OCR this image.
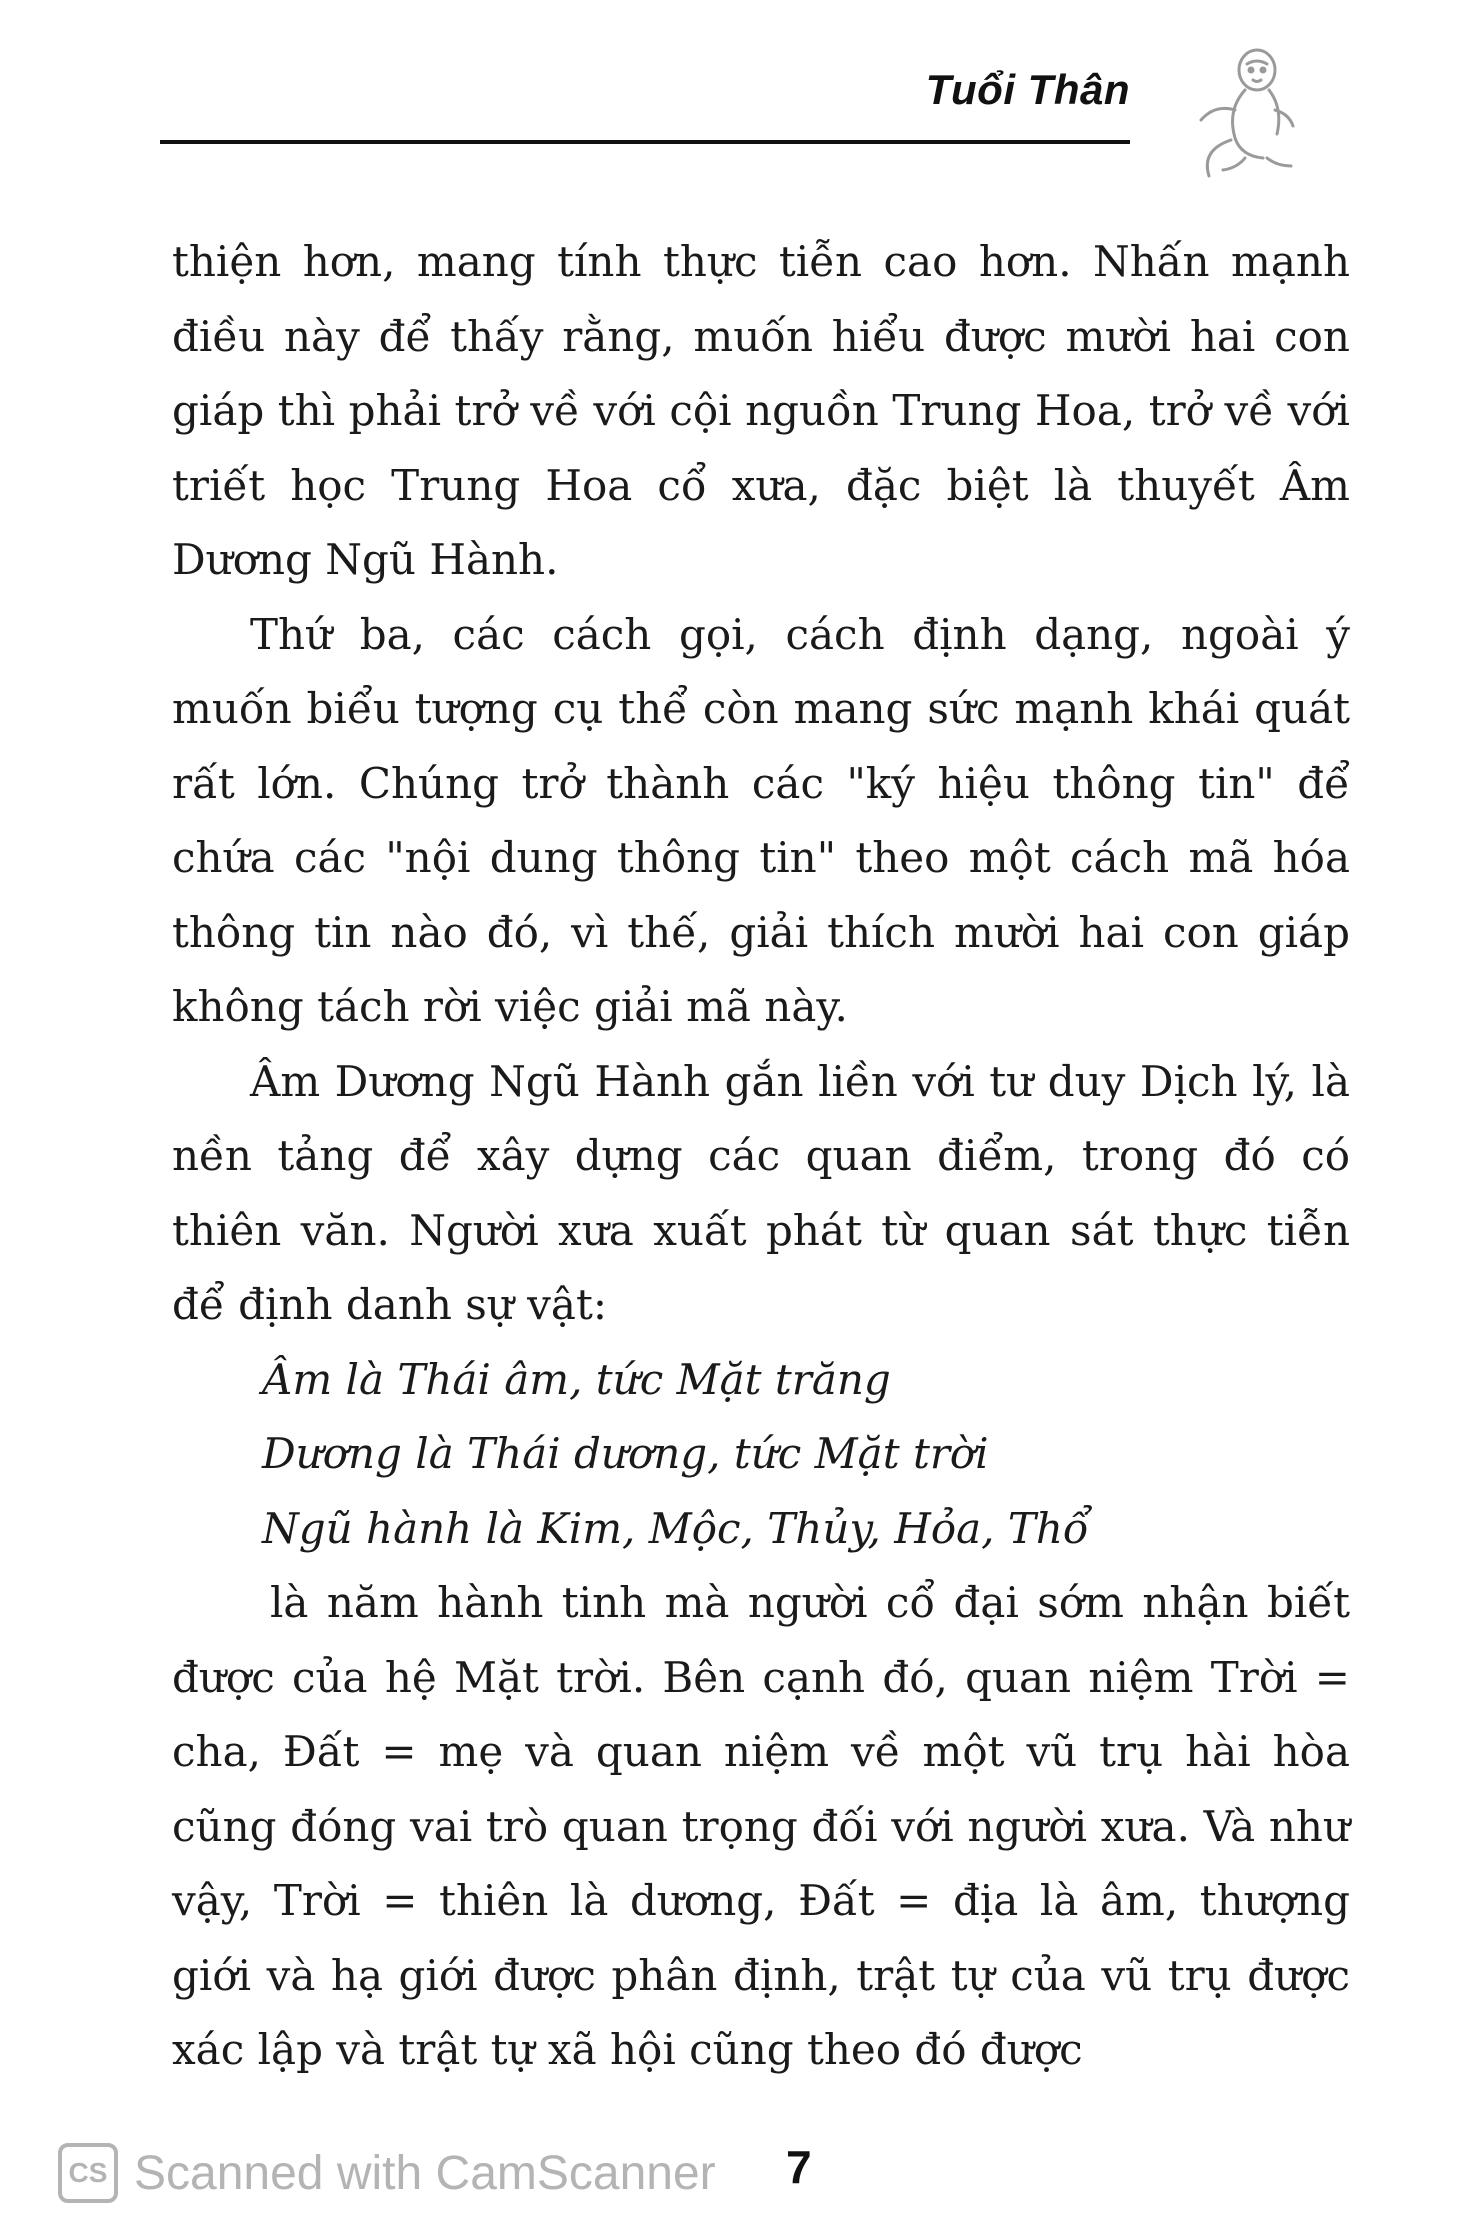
Tuổi Thân

thiện hơn, mang tính thực tiễn cao hơn. Nhấn mạnh điều này để thấy rằng, muốn hiểu được mười hai con giáp thì phải trở về với cội nguồn Trung Hoa, trở về với triết học Trung Hoa cổ xưa, đặc biệt là thuyết Âm Dương Ngũ Hành.

Thứ ba, các cách gọi, cách định dạng, ngoài ý muốn biểu tượng cụ thể còn mang sức mạnh khái quát rất lớn. Chúng trở thành các "ký hiệu thông tin" để chứa các "nội dung thông tin" theo một cách mã hóa thông tin nào đó, vì thế, giải thích mười hai con giáp không tách rời việc giải mã này.

Âm Dương Ngũ Hành gắn liền với tư duy Dịch lý, là nền tảng để xây dựng các quan điểm, trong đó có thiên văn. Người xưa xuất phát từ quan sát thực tiễn để định danh sự vật:

Âm là Thái âm, tức Mặt trăng

Dương là Thái dương, tức Mặt trời

Ngũ hành là Kim, Mộc, Thủy, Hỏa, Thổ

là năm hành tinh mà người cổ đại sớm nhận biết được của hệ Mặt trời. Bên cạnh đó, quan niệm Trời = cha, Đất = mẹ và quan niệm về một vũ trụ hài hòa cũng đóng vai trò quan trọng đối với người xưa. Và như vậy, Trời = thiên là dương, Đất = địa là âm, thượng giới và hạ giới được phân định, trật tự của vũ trụ được xác lập và trật tự xã hội cũng theo đó được

CS Scanned with CamScanner 7
